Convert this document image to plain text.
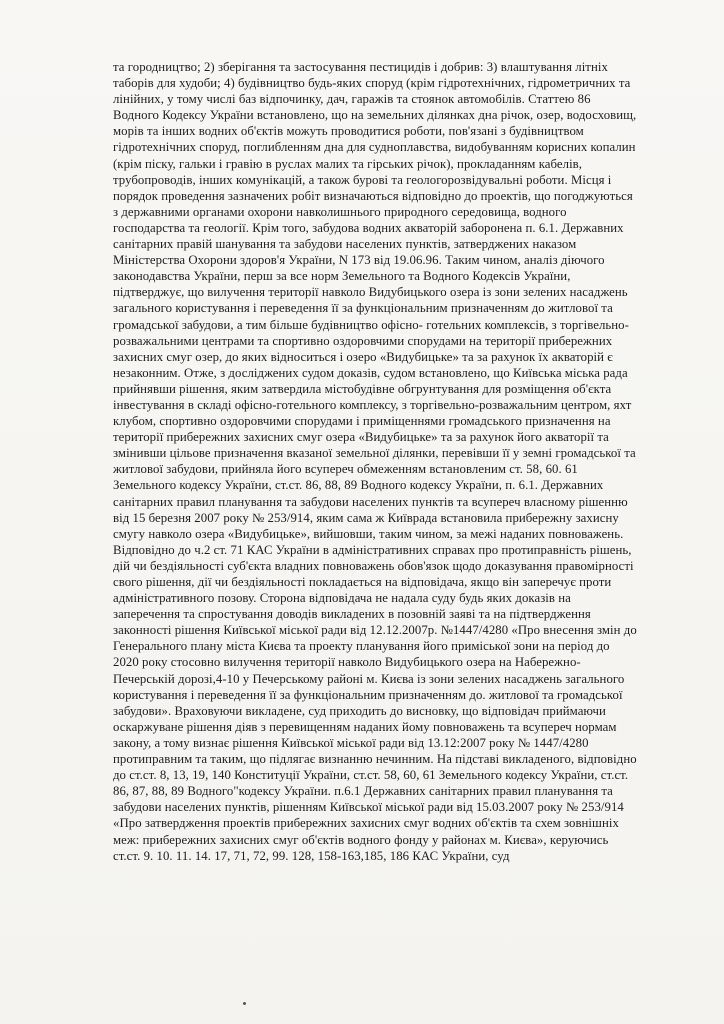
та городництво; 2) зберігання та застосування пестицидів і добрив: 3) влаштування літніх
таборів для худоби; 4) будівництво будь-яких споруд (крім гідротехнічних, гідрометричних та
лінійних, у тому числі баз відпочинку, дач, гаражів та стоянок автомобілів. Статтею 86
Водного Кодексу України встановлено, що на земельних ділянках дна річок, озер, водосховищ,
морів та інших водних об'єктів можуть проводитися роботи, пов'язані з будівництвом
гідротехнічних споруд, поглибленням дна для судноплавства, видобуванням корисних копалин
(крім піску, гальки і гравію в руслах малих та гірських річок), прокладанням кабелів,
трубопроводів, інших комунікацій, а також бурові та геологорозвідувальні роботи. Місця і
порядок проведення зазначених робіт визначаються відповідно до проектів, що погоджуються
з державними органами охорони навколишнього природного середовища, водного
господарства та геології. Крім того, забудова водних акваторій заборонена п. 6.1. Державних
санітарних правій шанування та забудови населених пунктів, затверджених наказом
Міністерства Охорони здоров'я України, N 173 від 19.06.96. Таким чином, аналіз діючого
законодавства України, перш за все норм Земельного та Водного Кодексів України,
підтверджує, що вилучення території навколо Видубицького озера із зони зелених насаджень
загального користування і переведення її за функціональним призначенням до житлової та
громадської забудови, а тим більше будівництво офісно- готельних комплексів, з торгівельно-
розважальними центрами та спортивно оздоровчими спорудами на території прибережних
захисних смуг озер, до яких відноситься і озеро «Видубицьке» та за рахунок їх акваторій є
незаконним. Отже, з досліджених судом доказів, судом встановлено, що Київська міська рада
прийнявши рішення, яким затвердила містобудівне обгрунтування для розміщення об'єкта
інвестування в складі офісно-готельного комплексу, з торгівельно-розважальним центром, яхт
клубом, спортивно оздоровчими спорудами і приміщеннями громадського призначення на
території прибережних захисних смуг озера «Видубицьке» та за рахунок його акваторії та
змінивши цільове призначення вказаної земельної ділянки, перевівши її у земні громадської та
житлової забудови, прийняла його всупереч обмеженням встановленим ст. 58, 60. 61
Земельного кодексу України, ст.ст. 86, 88, 89 Водного кодексу України, п. 6.1. Державних
санітарних правил планування та забудови населених пунктів та всупереч власному рішенню
від 15 березня 2007 року № 253/914, яким сама ж Київрада встановила прибережну захисну
смугу навколо озера «Видубицьке», вийшовши, таким чином, за межі наданих повноважень.
Відповідно до ч.2 ст. 71 КАС України в адміністративних справах про протиправність рішень,
дій чи бездіяльності суб'єкта владних повноважень обов'язок щодо доказування правомірності
свого рішення, дії чи бездіяльності покладається на відповідача, якщо він заперечує проти
адміністративного позову. Сторона відповідача не надала суду будь яких доказів на
заперечення та спростування доводів викладених в позовній заяві та на підтвердження
законності рішення Київської міської ради від 12.12.2007р. №1447/4280 «Про внесення змін до
Генерального плану міста Києва та проекту планування його приміської зони на період до
2020 року стосовно вилучення території навколо Видубицького озера на Набережно-
Печерській дорозі,4-10 у Печерському районі м. Києва із зони зелених насаджень загального
користування і переведення її за функціональним призначенням до. житлової та громадської
забудови». Враховуючи викладене, суд приходить до висновку, що відповідач приймаючи
оскаржуване рішення діяв з перевищенням наданих йому повноважень та всупереч нормам
закону, а тому визнає рішення Київської міської ради від 13.12:2007 року № 1447/4280
протиправним та таким, що підлягає визнанню нечинним. На підставі викладеного, відповідно
до ст.ст. 8, 13, 19, 140 Конституції України, ст.ст. 58, 60, 61 Земельного кодексу України, ст.ст.
86, 87, 88, 89 Водного"кодексу України. п.6.1 Державних санітарних правил планування та
забудови населених пунктів, рішенням Київської міської ради від 15.03.2007 року № 253/914
«Про затвердження проектів прибережних захисних смуг водних об'єктів та схем зовнішніх
меж: прибережних захисних смуг об'єктів водного фонду у районах м. Києва», керуючись
ст.ст. 9. 10. 11. 14. 17, 71, 72, 99. 128, 158-163,185, 186 КАС України, суд
